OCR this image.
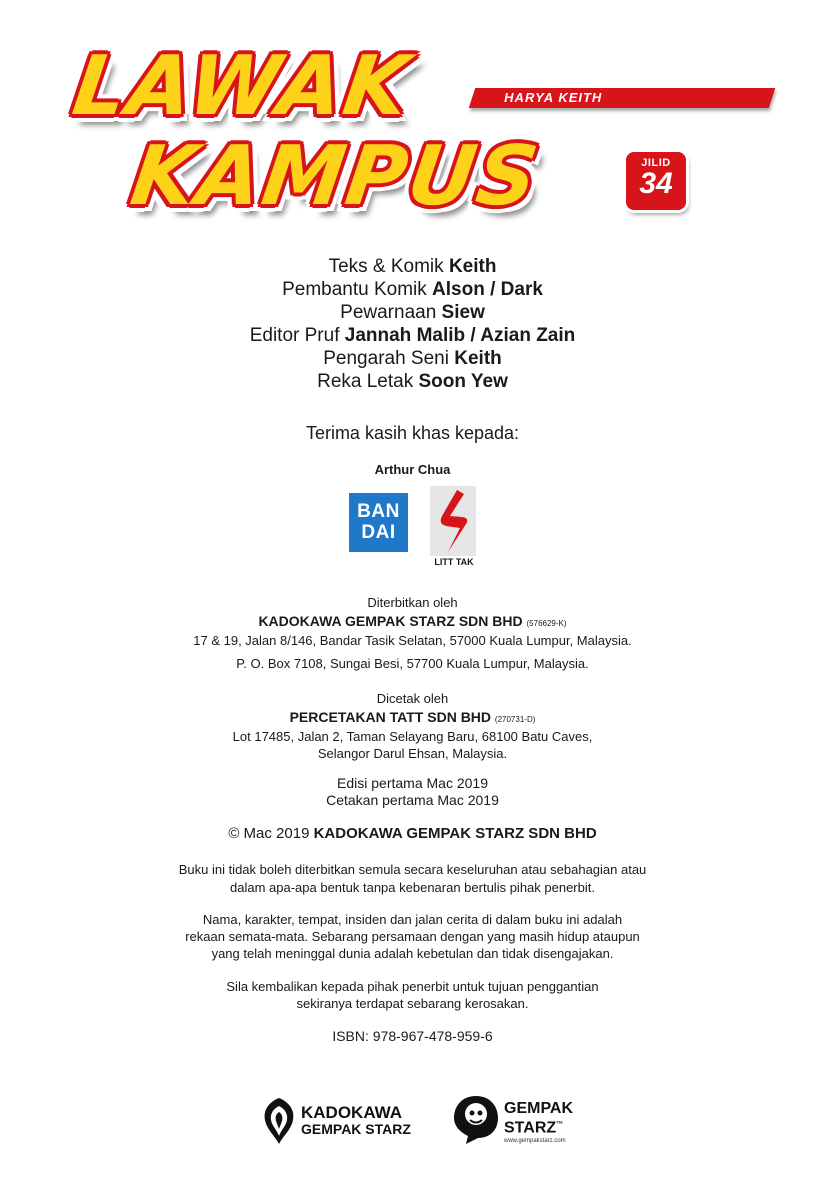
HARYA KEITH
LAWAK
KAMPUS	JILID
34
Teks & Komik Keith
Pembantu Komik Alson / Dark
Pewarnaan Siew
Editor Pruf Jannah Malib / Azian Zain
Pengarah Seni Keith
Reka Letak Soon Yew
Terima kasih khas kepada:
Arthur Chua
BAN
DAI
LITT TAK
Diterbitkan oleh
KADOKAWA GEMPAK STARZ SDN BHD (576629-K)
17 & 19, Jalan 8/146, Bandar Tasik Selatan, 57000 Kuala Lumpur, Malaysia.
P. O. Box 7108, Sungai Besi, 57700 Kuala Lumpur, Malaysia.
Dicetak oleh
PERCETAKAN TATT SDN BHD (270731-D)
Lot 17485, Jalan 2, Taman Selayang Baru, 68100 Batu Caves,
Selangor Darul Ehsan, Malaysia.
Edisi pertama Mac 2019
Cetakan pertama Mac 2019
© Mac 2019 KADOKAWA GEMPAK STARZ SDN BHD
Buku ini tidak boleh diterbitkan semula secara keseluruhan atau sebahagian atau
dalam apa-apa bentuk tanpa kebenaran bertulis pihak penerbit.
Nama, karakter, tempat, insiden dan jalan cerita di dalam buku ini adalah
rekaan semata-mata. Sebarang persamaan dengan yang masih hidup ataupun
yang telah meninggal dunia adalah kebetulan dan tidak disengajakan.
Sila kembalikan kepada pihak penerbit untuk tujuan penggantian
sekiranya terdapat sebarang kerosakan.
ISBN: 978-967-478-959-6
KADOKAWA
GEMPAK STARZ
GEMPAK
STARZ™
www.gempakstarz.com
